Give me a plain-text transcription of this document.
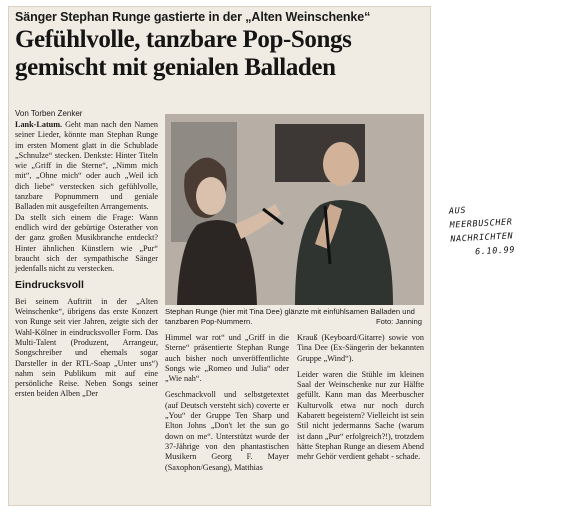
Sänger Stephan Runge gastierte in der „Alten Weinschenke“
Gefühlvolle, tanzbare Pop-Songs
gemischt mit genialen Balladen
Von Torben Zenker

Lank-Latum. Geht man nach den Namen seiner Lieder, könnte man Stephan Runge im ersten Moment glatt in die Schublade „Schnulze“ stecken. Denkste: Hinter Titeln wie „Griff in die Sterne“, „Nimm mich mit“, „Ohne mich“ oder auch „Weil ich dich liebe“ verstecken sich gefühlvolle, tanzbare Popnummern und geniale Balladen mit ausgefeilten Arrangements.

Da stellt sich einem die Frage: Wann endlich wird der gebürtige Osterather von der ganz großen Musikbranche entdeckt? Hinter ähnlichen Künstlern wie „Pur“ braucht sich der sympathische Sänger jedenfalls nicht zu verstecken.

Eindrucksvoll

Bei seinem Auftritt in der „Alten Weinschenke“, übrigens das erste Konzert von Runge seit vier Jahren, zeigte sich der Wahl-Kölner in eindrucksvoller Form. Das Multi-Talent (Produzent, Arrangeur, Songschreiber und ehemals sogar Darsteller in der RTL-Soap „Unter uns“) nahm sein Publikum mit auf eine persönliche Reise. Neben Songs seiner ersten beiden Alben „Der

Stephan Runge (hier mit Tina Dee) glänzte mit einfühlsamen Balladen und tanzbaren Pop-Nummern.	Foto: Janning

Himmel war rot“ und „Griff in die Sterne“ präsentierte Stephan Runge auch bisher noch unveröffentlichte Songs wie „Romeo und Julia“ oder „Wie nah“.

Geschmackvoll und selbstgetextet (auf Deutsch versteht sich) coverte er „You“ der Gruppe Ten Sharp und Elton Johns „Don't let the sun go down on me“. Unterstützt wurde der 37-Jährige von den phantastischen Musikern Georg F. Mayer (Saxophon/Gesang), Matthias

Krauß (Keyboard/Gitarre) sowie von Tina Dee (Ex-Sängerin der bekannten Gruppe „Wind“).

Leider waren die Stühle im kleinen Saal der Weinschenke nur zur Hälfte gefüllt. Kann man das Meerbuscher Kulturvolk etwa nur noch durch Kabarett begeistern? Vielleicht ist sein Stil nicht jedermanns Sache (warum ist dann „Pur“ erfolgreich?!), trotzdem hätte Stephan Runge an diesem Abend mehr Gehör verdient gehabt - schade.

AUS
MEERBUSCHER
NACHRICHTEN
6.10.99
